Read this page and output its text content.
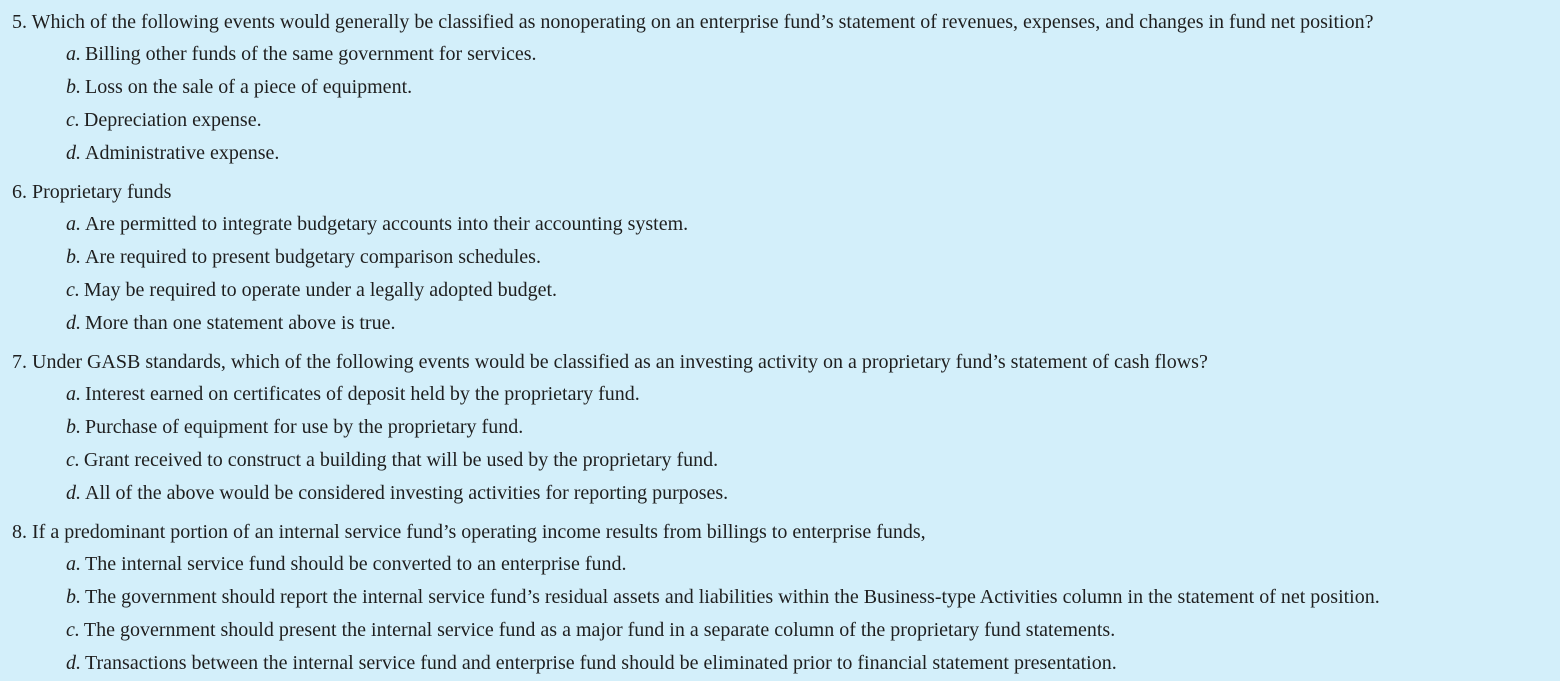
5. Which of the following events would generally be classified as nonoperating on an enterprise fund’s statement of revenues, expenses, and changes in fund net position?
a. Billing other funds of the same government for services.
b. Loss on the sale of a piece of equipment.
c. Depreciation expense.
d. Administrative expense.
6. Proprietary funds
a. Are permitted to integrate budgetary accounts into their accounting system.
b. Are required to present budgetary comparison schedules.
c. May be required to operate under a legally adopted budget.
d. More than one statement above is true.
7. Under GASB standards, which of the following events would be classified as an investing activity on a proprietary fund’s statement of cash flows?
a. Interest earned on certificates of deposit held by the proprietary fund.
b. Purchase of equipment for use by the proprietary fund.
c. Grant received to construct a building that will be used by the proprietary fund.
d. All of the above would be considered investing activities for reporting purposes.
8. If a predominant portion of an internal service fund’s operating income results from billings to enterprise funds,
a. The internal service fund should be converted to an enterprise fund.
b. The government should report the internal service fund’s residual assets and liabilities within the Business-type Activities column in the statement of net position.
c. The government should present the internal service fund as a major fund in a separate column of the proprietary fund statements.
d. Transactions between the internal service fund and enterprise fund should be eliminated prior to financial statement presentation.
